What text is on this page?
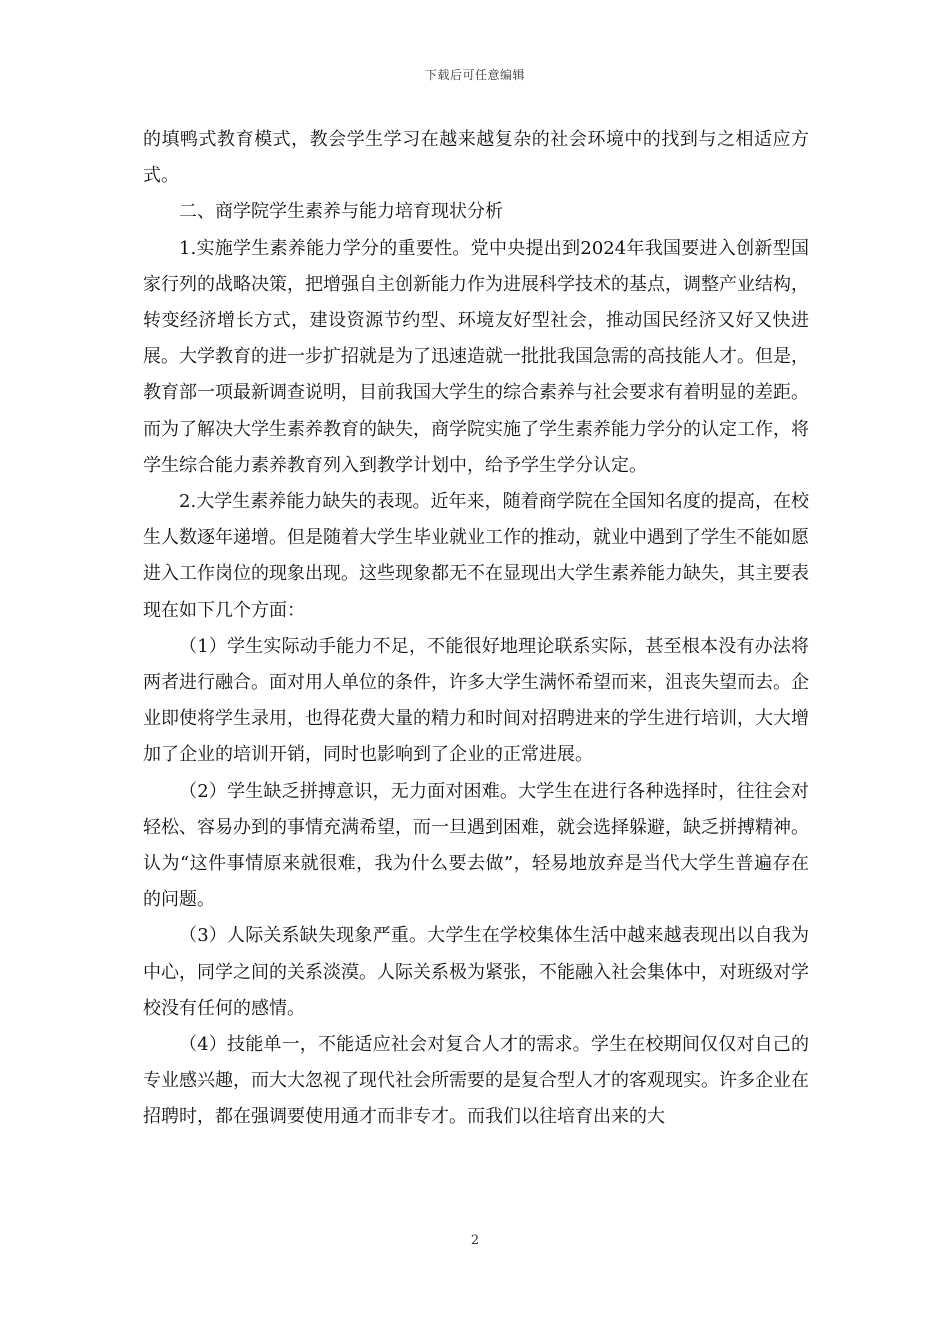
下载后可任意编辑

的填鸭式教育模式，教会学生学习在越来越复杂的社会环境中的找到与之相适应方式。

二、商学院学生素养与能力培育现状分析

1.实施学生素养能力学分的重要性。党中央提出到2024年我国要进入创新型国家行列的战略决策，把增强自主创新能力作为进展科学技术的基点，调整产业结构，转变经济增长方式，建设资源节约型、环境友好型社会，推动国民经济又好又快进展。大学教育的进一步扩招就是为了迅速造就一批批我国急需的高技能人才。但是，教育部一项最新调查说明，目前我国大学生的综合素养与社会要求有着明显的差距。而为了解决大学生素养教育的缺失，商学院实施了学生素养能力学分的认定工作，将学生综合能力素养教育列入到教学计划中，给予学生学分认定。

2.大学生素养能力缺失的表现。近年来，随着商学院在全国知名度的提高，在校生人数逐年递增。但是随着大学生毕业就业工作的推动，就业中遇到了学生不能如愿进入工作岗位的现象出现。这些现象都无不在显现出大学生素养能力缺失，其主要表现在如下几个方面：

（1）学生实际动手能力不足，不能很好地理论联系实际，甚至根本没有办法将两者进行融合。面对用人单位的条件，许多大学生满怀希望而来，沮丧失望而去。企业即使将学生录用，也得花费大量的精力和时间对招聘进来的学生进行培训，大大增加了企业的培训开销，同时也影响到了企业的正常进展。

（2）学生缺乏拼搏意识，无力面对困难。大学生在进行各种选择时，往往会对轻松、容易办到的事情充满希望，而一旦遇到困难，就会选择躲避，缺乏拼搏精神。认为“这件事情原来就很难，我为什么要去做”，轻易地放弃是当代大学生普遍存在的问题。

（3）人际关系缺失现象严重。大学生在学校集体生活中越来越表现出以自我为中心，同学之间的关系淡漠。人际关系极为紧张，不能融入社会集体中，对班级对学校没有任何的感情。

（4）技能单一，不能适应社会对复合人才的需求。学生在校期间仅仅对自己的专业感兴趣，而大大忽视了现代社会所需要的是复合型人才的客观现实。许多企业在招聘时，都在强调要使用通才而非专才。而我们以往培育出来的大

2
